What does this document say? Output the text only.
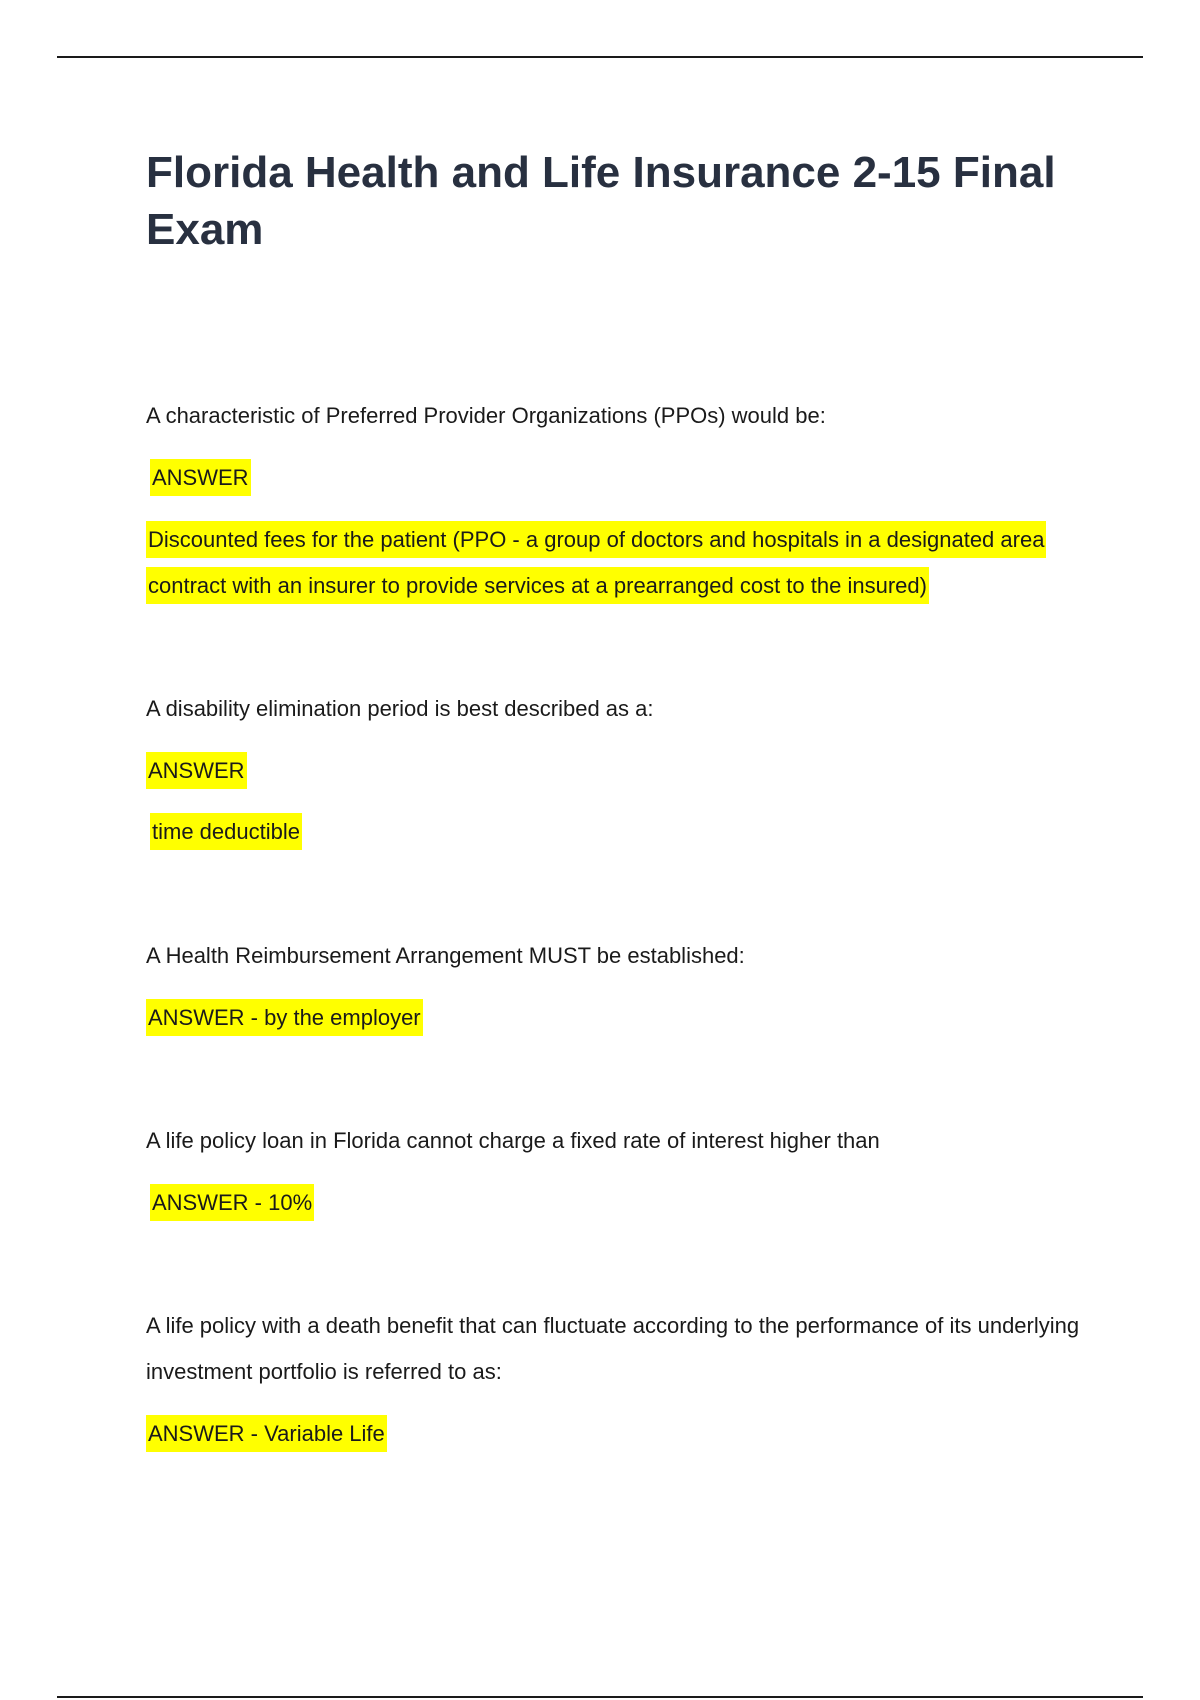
Florida Health and Life Insurance 2-15 Final Exam

A characteristic of Preferred Provider Organizations (PPOs) would be:

ANSWER

Discounted fees for the patient (PPO - a group of doctors and hospitals in a designated area contract with an insurer to provide services at a prearranged cost to the insured)

A disability elimination period is best described as a:

ANSWER

time deductible

A Health Reimbursement Arrangement MUST be established:

ANSWER - by the employer

A life policy loan in Florida cannot charge a fixed rate of interest higher than

ANSWER - 10%

A life policy with a death benefit that can fluctuate according to the performance of its underlying investment portfolio is referred to as:

ANSWER - Variable Life
